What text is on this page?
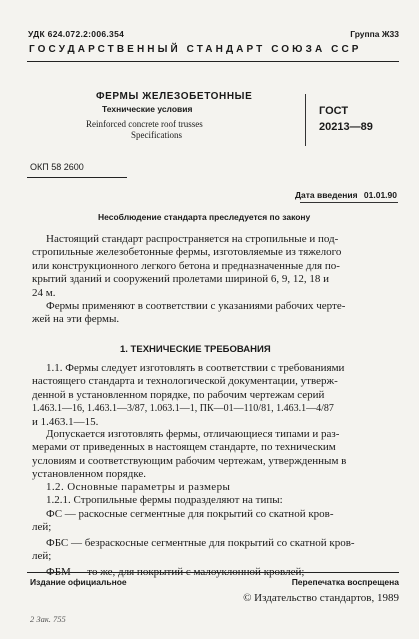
УДК 624.072.2:006.354	Группа Ж33
ГОСУДАРСТВЕННЫЙ СТАНДАРТ СОЮЗА ССР
ФЕРМЫ ЖЕЛЕЗОБЕТОННЫЕ
Технические условия
Reinforced concrete roof trusses
Specifications
ГОСТ
20213—89
ОКП 58 2600
Дата введения 01.01.90
Несоблюдение стандарта преследуется по закону
Настоящий стандарт распространяется на стропильные и под-
стропильные железобетонные фермы, изготовляемые из тяжелого
или конструкционного легкого бетона и предназначенные для по-
крытий зданий и сооружений пролетами шириной 6, 9, 12, 18 и
24 м.
Фермы применяют в соответствии с указаниями рабочих черте-
жей на эти фермы.
1. ТЕХНИЧЕСКИЕ ТРЕБОВАНИЯ
1.1. Фермы следует изготовлять в соответствии с требованиями
настоящего стандарта и технологической документации, утверж-
денной в установленном порядке, по рабочим чертежам серий
1.463.1—16, 1.463.1—3/87, 1.063.1—1, ПК—01—110/81, 1.463.1—4/87
и 1.463.1—15.
Допускается изготовлять фермы, отличающиеся типами и раз-
мерами от приведенных в настоящем стандарте, по техническим
условиям и соответствующим рабочим чертежам, утвержденным в
установленном порядке.
1.2. Основные параметры и размеры
1.2.1. Стропильные фермы подразделяют на типы:
ФС — раскосные сегментные для покрытий со скатной кров-
лей;
ФБС — безраскосные сегментные для покрытий со скатной кров-
лей;
ФБМ — то же, для покрытий с малоуклонной кровлей;
Издание официальное	Перепечатка воспрещена
© Издательство стандартов, 1989
2 Зак. 755
